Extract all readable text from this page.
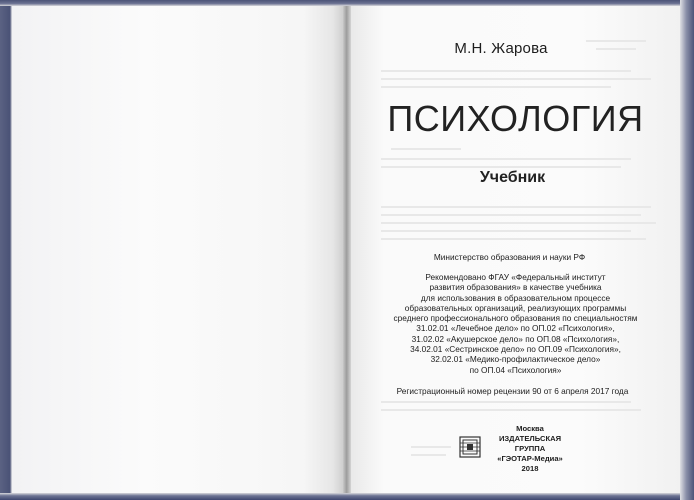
М.Н. Жарова
ПСИХОЛОГИЯ
Учебник
Министерство образования и науки РФ
Рекомендовано ФГАУ «Федеральный институт
развития образования» в качестве учебника
для использования в образовательном процессе
образовательных организаций, реализующих программы
среднего профессионального образования по специальностям
31.02.01 «Лечебное дело» по ОП.02 «Психология»,
31.02.02 «Акушерское дело» по ОП.08 «Психология»,
34.02.01 «Сестринское дело» по ОП.09 «Психология»,
32.02.01 «Медико-профилактическое дело»
по ОП.04 «Психология»
Регистрационный номер рецензии 90 от 6 апреля 2017 года
Москва
ИЗДАТЕЛЬСКАЯ ГРУППА
«ГЭОТАР-Медиа»
2018
